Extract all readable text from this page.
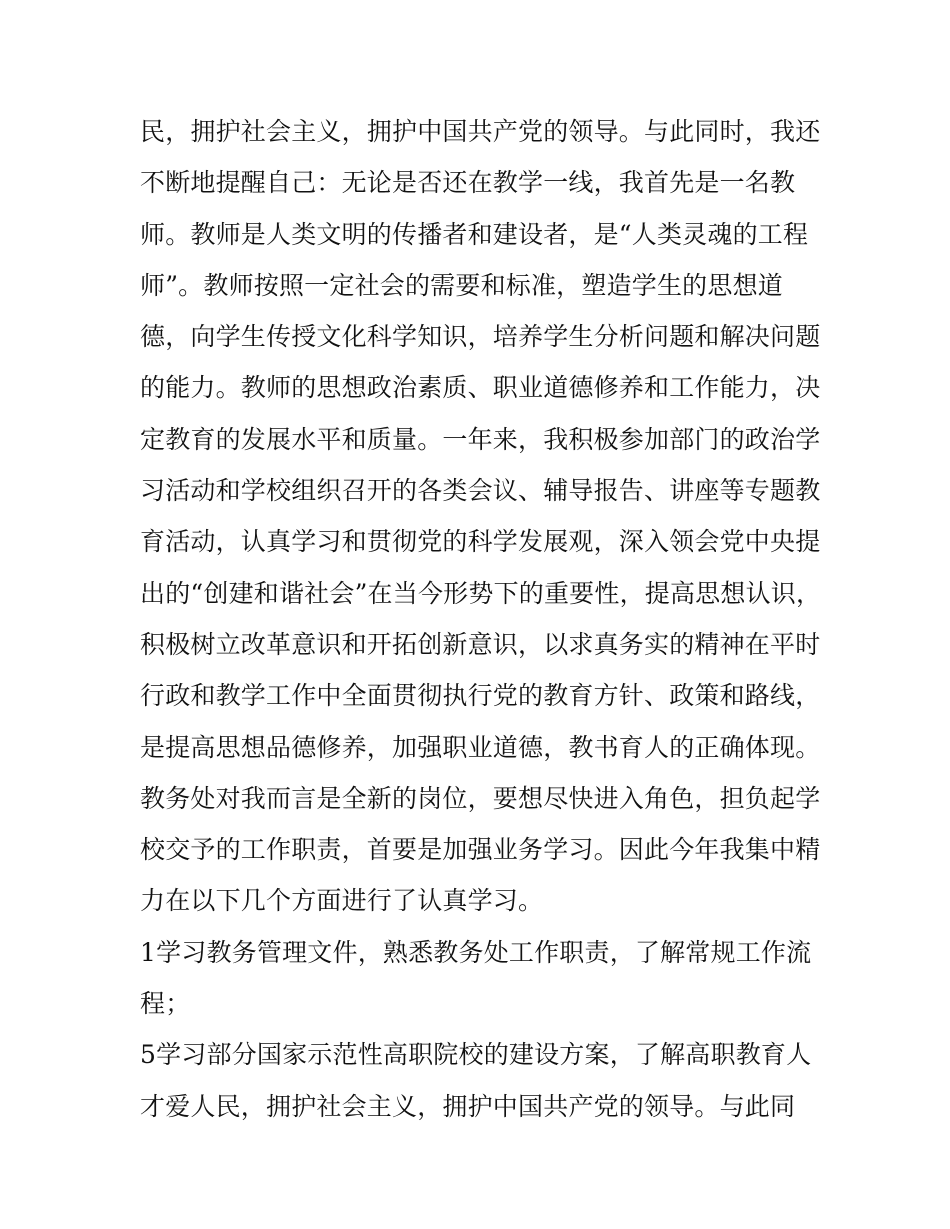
民，拥护社会主义，拥护中国共产党的领导。与此同时，我还
不断地提醒自己：无论是否还在教学一线，我首先是一名教
师。教师是人类文明的传播者和建设者，是“人类灵魂的工程
师”。教师按照一定社会的需要和标准，塑造学生的思想道
德，向学生传授文化科学知识，培养学生分析问题和解决问题
的能力。教师的思想政治素质、职业道德修养和工作能力，决
定教育的发展水平和质量。一年来，我积极参加部门的政治学
习活动和学校组织召开的各类会议、辅导报告、讲座等专题教
育活动，认真学习和贯彻党的科学发展观，深入领会党中央提
出的“创建和谐社会”在当今形势下的重要性，提高思想认识，
积极树立改革意识和开拓创新意识，以求真务实的精神在平时
行政和教学工作中全面贯彻执行党的教育方针、政策和路线，
是提高思想品德修养，加强职业道德，教书育人的正确体现。
教务处对我而言是全新的岗位，要想尽快进入角色，担负起学
校交予的工作职责，首要是加强业务学习。因此今年我集中精
力在以下几个方面进行了认真学习。
1学习教务管理文件，熟悉教务处工作职责，了解常规工作流
程；
5学习部分国家示范性高职院校的建设方案，了解高职教育人
才爱人民，拥护社会主义，拥护中国共产党的领导。与此同
